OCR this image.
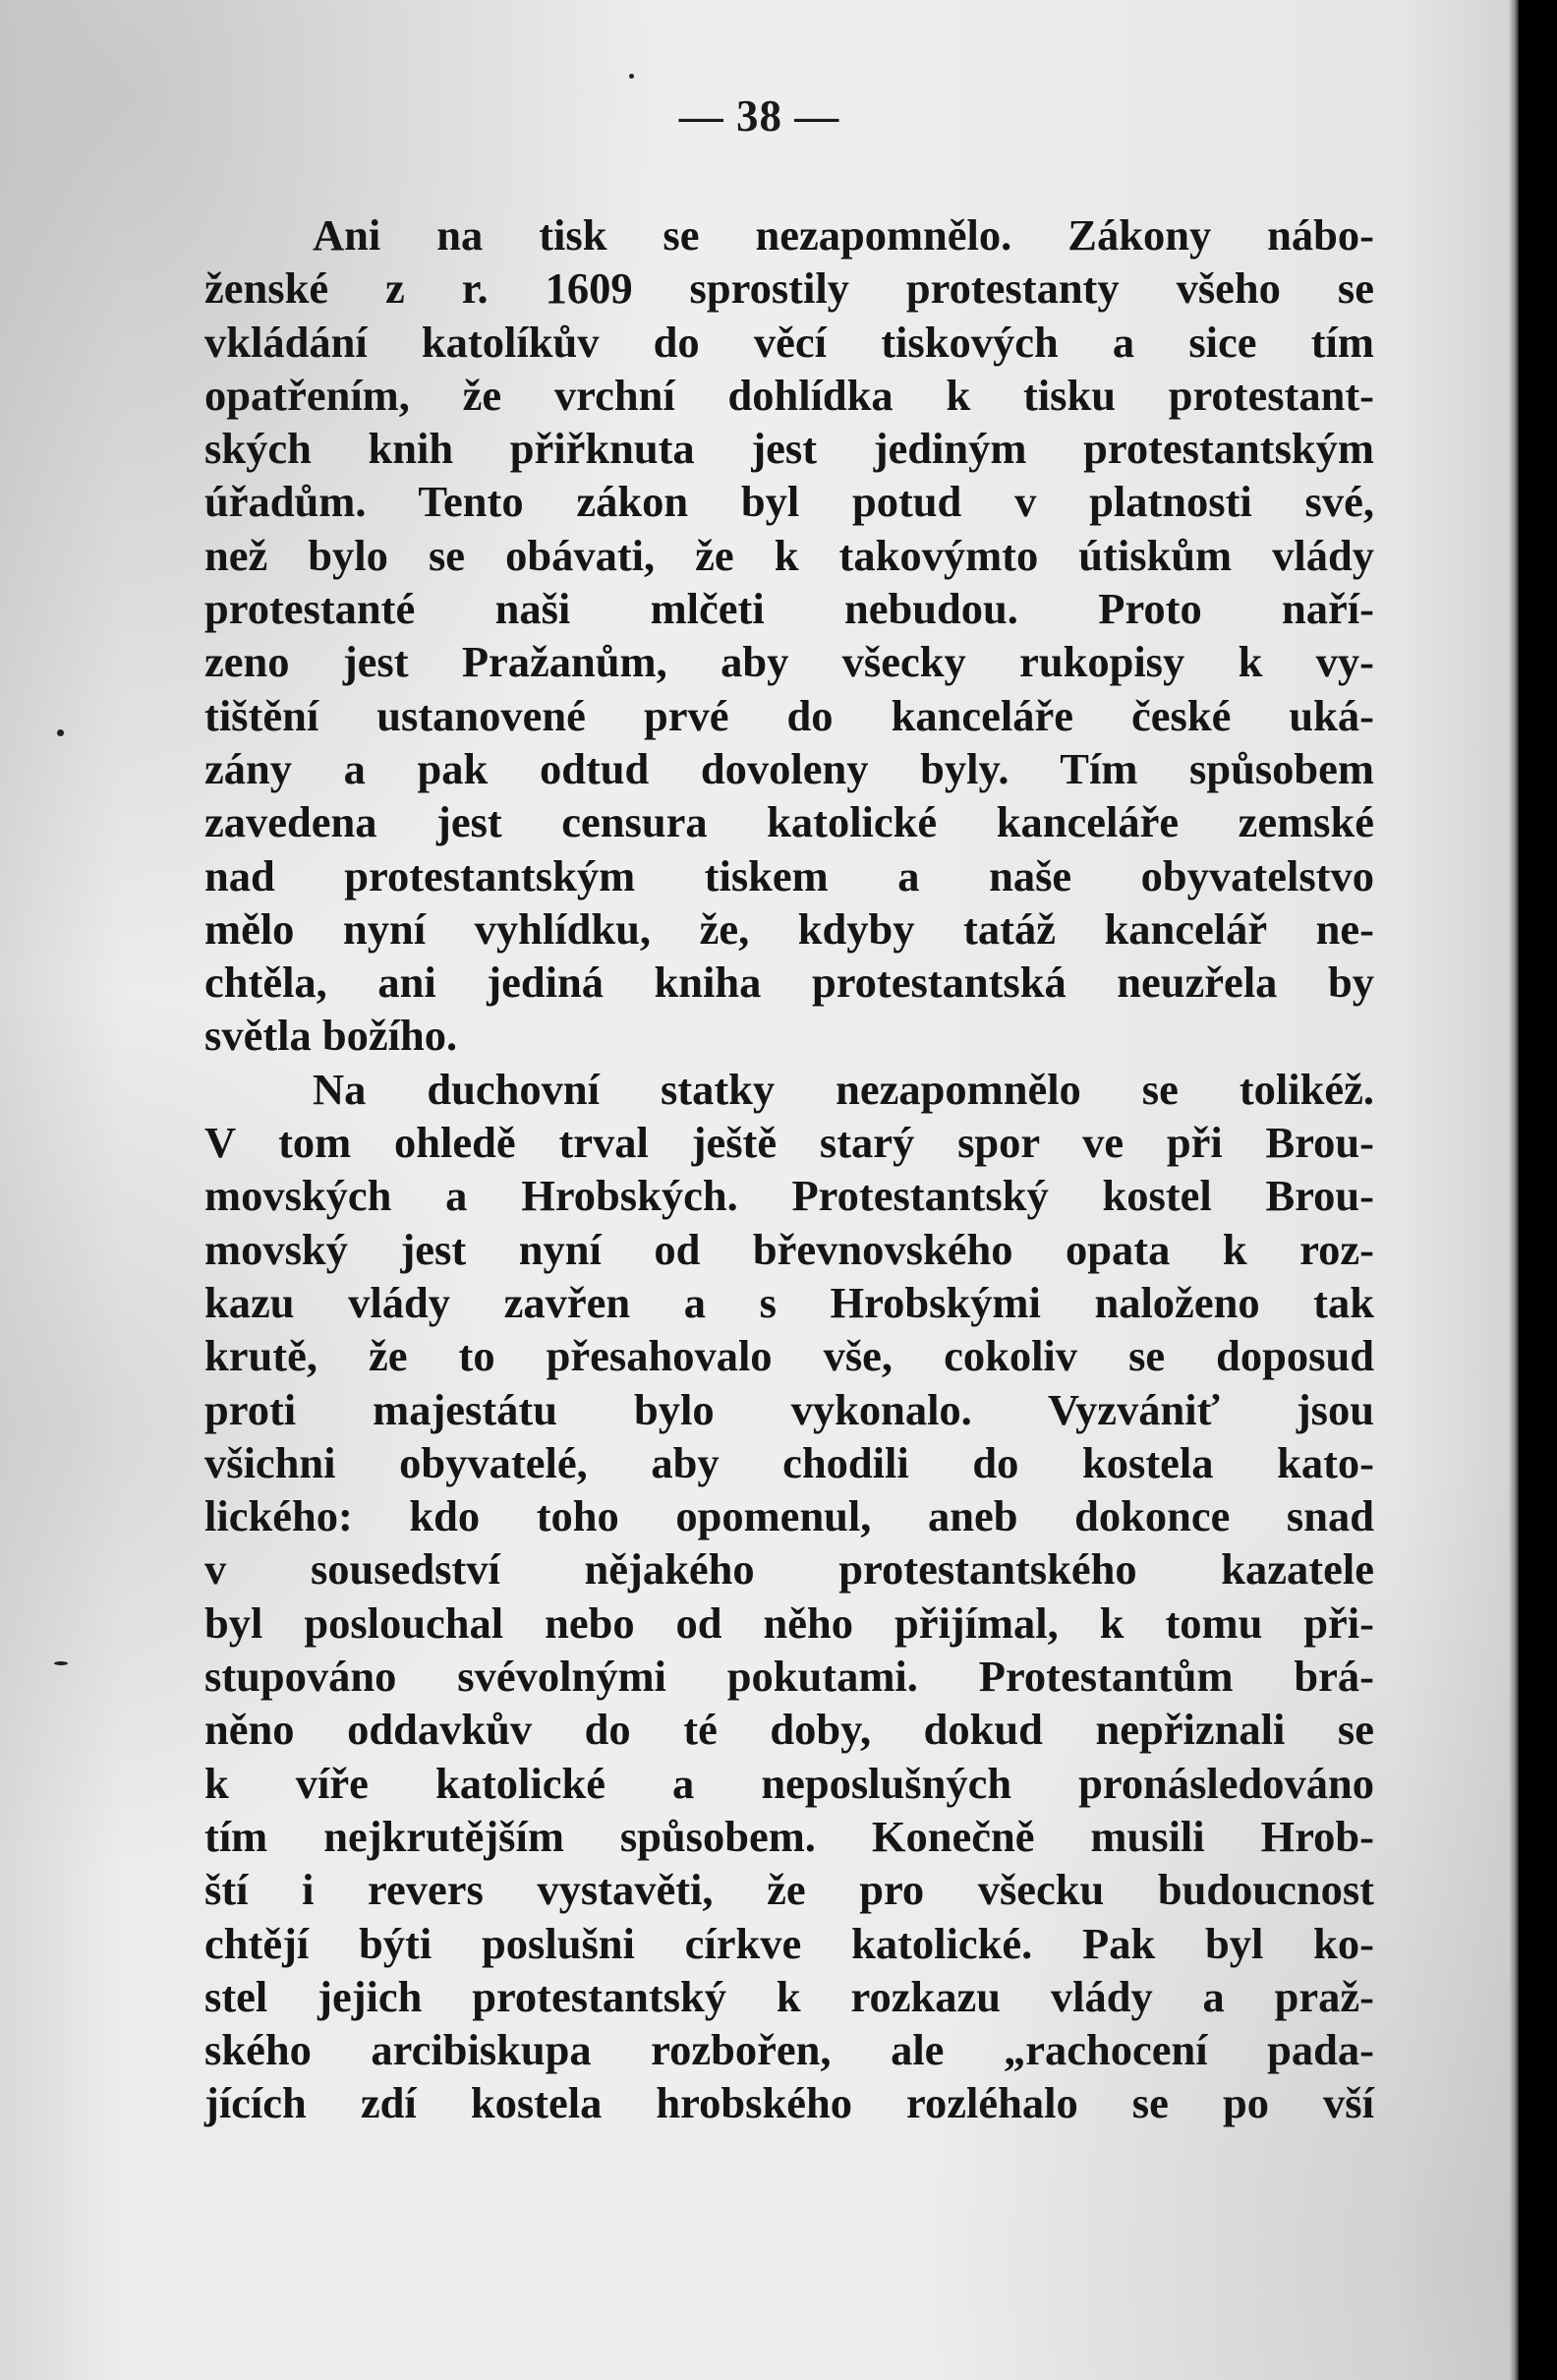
— 38 —
Ani na tisk se nezapomnělo. Zákony nábo-
ženské z r. 1609 sprostily protestanty všeho se
vkládání katolíkův do věcí tiskových a sice tím
opatřením, že vrchní dohlídka k tisku protestant-
ských knih přiřknuta jest jediným protestantským
úřadům. Tento zákon byl potud v platnosti své,
než bylo se obávati, že k takovýmto útiskům vlády
protestanté naši mlčeti nebudou. Proto naří-
zeno jest Pražanům, aby všecky rukopisy k vy-
tištění ustanovené prvé do kanceláře české uká-
zány a pak odtud dovoleny byly. Tím spůsobem
zavedena jest censura katolické kanceláře zemské
nad protestantským tiskem a naše obyvatelstvo
mělo nyní vyhlídku, že, kdyby tatáž kancelář ne-
chtěla, ani jediná kniha protestantská neuzřela by
světla božího.
Na duchovní statky nezapomnělo se tolikéž.
V tom ohledě trval ještě starý spor ve při Brou-
movských a Hrobských. Protestantský kostel Brou-
movský jest nyní od břevnovského opata k roz-
kazu vlády zavřen a s Hrobskými naloženo tak
krutě, že to přesahovalo vše, cokoliv se doposud
proti majestátu bylo vykonalo. Vyzvániť jsou
všichni obyvatelé, aby chodili do kostela kato-
lického: kdo toho opomenul, aneb dokonce snad
v sousedství nějakého protestantského kazatele
byl poslouchal nebo od něho přijímal, k tomu při-
stupováno svévolnými pokutami. Protestantům brá-
něno oddavkův do té doby, dokud nepřiznali se
k víře katolické a neposlušných pronásledováno
tím nejkrutějším spůsobem. Konečně musili Hrob-
ští i revers vystavěti, že pro všecku budoucnost
chtějí býti poslušni církve katolické. Pak byl ko-
stel jejich protestantský k rozkazu vlády a praž-
ského arcibiskupa rozbořen, ale „rachocení pada-
jících zdí kostela hrobského rozléhalo se po vší
